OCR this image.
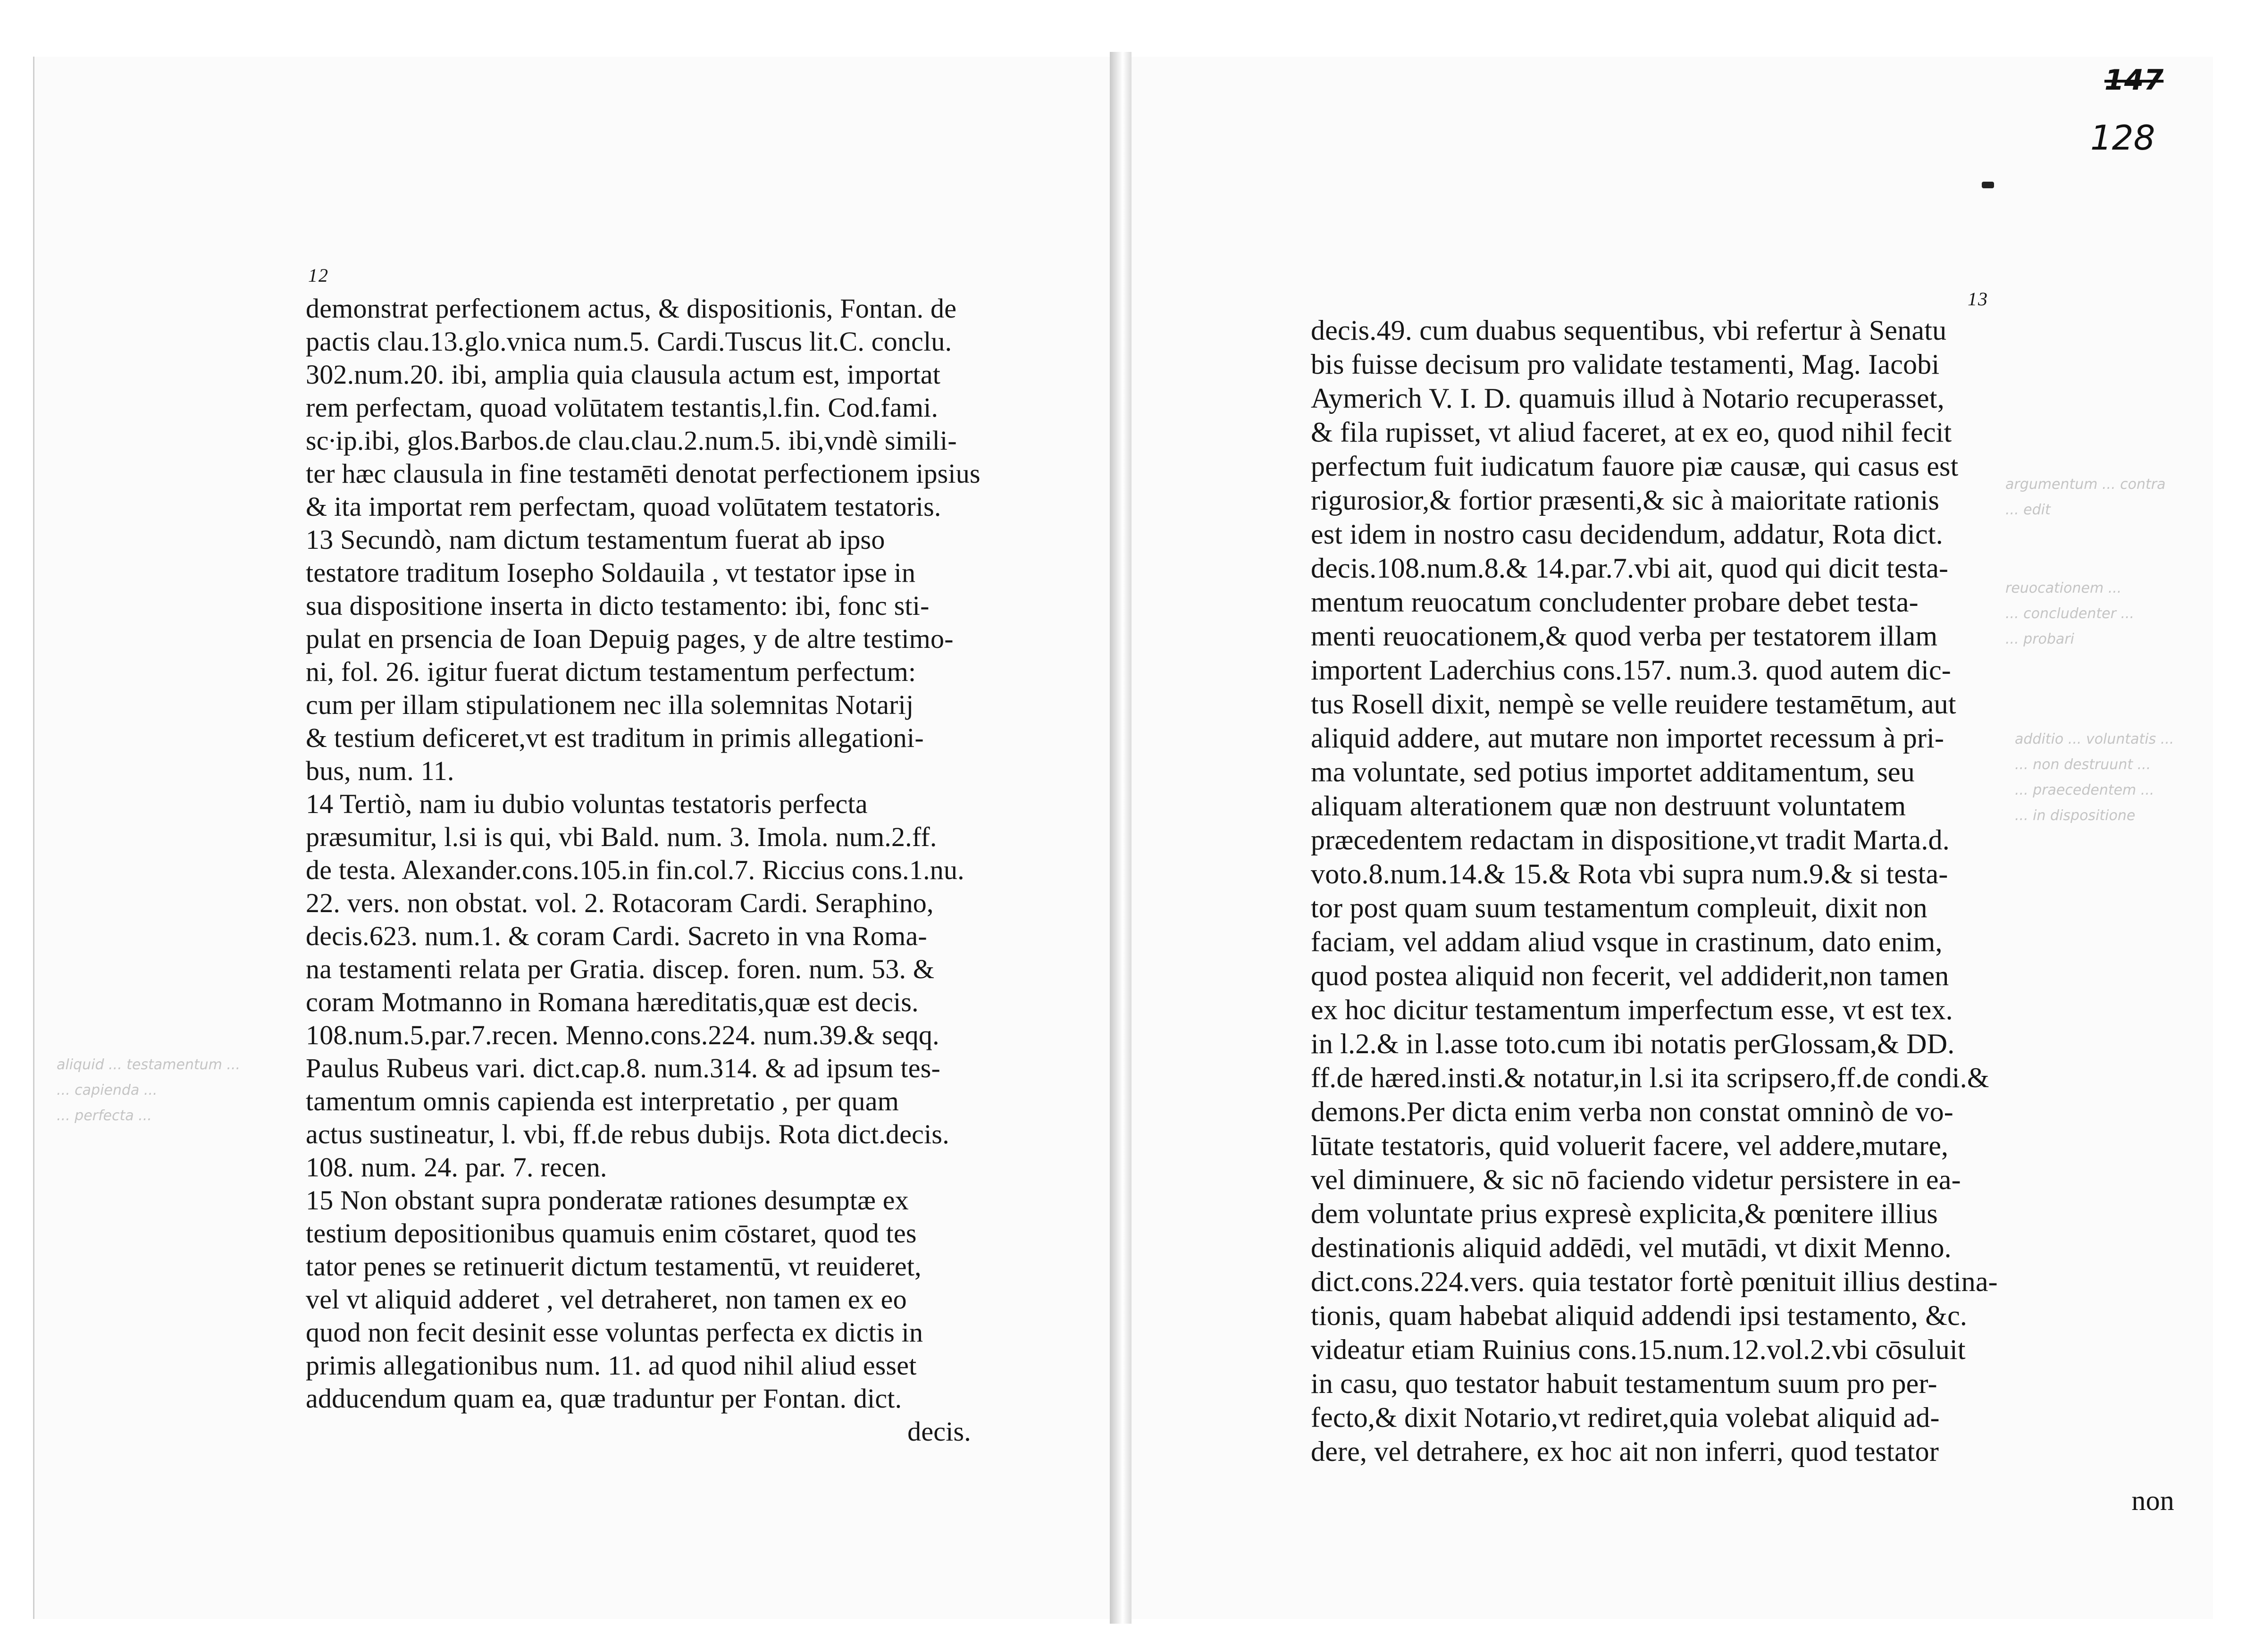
12
demonstrat perfectionem actus, & dispositionis, Fontan. de
pactis clau.13.glo.vnica num.5. Cardi.Tuscus lit.C. conclu.
302.num.20. ibi, amplia quia clausula actum est, importat
rem perfectam, quoad volūtatem testantis,l.fin. Cod.fami.
sc∙ip.ibi, glos.Barbos.de clau.clau.2.num.5. ibi,vndè simili-
ter hæc clausula in fine testamēti denotat perfectionem ipsius
& ita importat rem perfectam, quoad volūtatem testatoris.
13 Secundò, nam dictum testamentum fuerat ab ipso
testatore traditum Iosepho Soldauila , vt testator ipse in
sua dispositione inserta in dicto testamento: ibi, fonc sti-
pulat en prsencia de Ioan Depuig pages, y de altre testimo-
ni, fol. 26. igitur fuerat dictum testamentum perfectum:
cum per illam stipulationem nec illa solemnitas Notarij
& testium deficeret,vt est traditum in primis allegationi-
bus, num. 11.
14 Tertiò, nam iu dubio voluntas testatoris perfecta
præsumitur, l.si is qui, vbi Bald. num. 3. Imola. num.2.ff.
de testa. Alexander.cons.105.in fin.col.7. Riccius cons.1.nu.
22. vers. non obstat. vol. 2. Rotacoram Cardi. Seraphino,
decis.623. num.1. & coram Cardi. Sacreto in vna Roma-
na testamenti relata per Gratia. discep. foren. num. 53. &
coram Motmanno in Romana hæreditatis,quæ est decis.
108.num.5.par.7.recen. Menno.cons.224. num.39.& seqq.
Paulus Rubeus vari. dict.cap.8. num.314. & ad ipsum tes-
tamentum omnis capienda est interpretatio , per quam
actus sustineatur, l. vbi, ff.de rebus dubijs. Rota dict.decis.
108. num. 24. par. 7. recen.
15 Non obstant supra ponderatæ rationes desumptæ ex
testium depositionibus quamuis enim cōstaret, quod tes
tator penes se retinuerit dictum testamentū, vt reuideret,
vel vt aliquid adderet , vel detraheret, non tamen ex eo
quod non fecit desinit esse voluntas perfecta ex dictis in
primis allegationibus num. 11. ad quod nihil aliud esset
adducendum quam ea, quæ traduntur per Fontan. dict.
decis.
13
decis.49. cum duabus sequentibus, vbi refertur à Senatu
bis fuisse decisum pro validate testamenti, Mag. Iacobi
Aymerich V. I. D. quamuis illud à Notario recuperasset,
& fila rupisset, vt aliud faceret, at ex eo, quod nihil fecit
perfectum fuit iudicatum fauore piæ causæ, qui casus est
rigurosior,& fortior præsenti,& sic à maioritate rationis
est idem in nostro casu decidendum, addatur, Rota dict.
decis.108.num.8.& 14.par.7.vbi ait, quod qui dicit testa-
mentum reuocatum concludenter probare debet testa-
menti reuocationem,& quod verba per testatorem illam
importent Laderchius cons.157. num.3. quod autem dic-
tus Rosell dixit, nempè se velle reuidere testamētum, aut
aliquid addere, aut mutare non importet recessum à pri-
ma voluntate, sed potius importet additamentum, seu
aliquam alterationem quæ non destruunt voluntatem
præcedentem redactam in dispositione,vt tradit Marta.d.
voto.8.num.14.& 15.& Rota vbi supra num.9.& si testa-
tor post quam suum testamentum compleuit, dixit non
faciam, vel addam aliud vsque in crastinum, dato enim,
quod postea aliquid non fecerit, vel addiderit,non tamen
ex hoc dicitur testamentum imperfectum esse, vt est tex.
in l.2.& in l.asse toto.cum ibi notatis perGlossam,& DD.
ff.de hæred.insti.& notatur,in l.si ita scripsero,ff.de condi.&
demons.Per dicta enim verba non constat omninò de vo-
lūtate testatoris, quid voluerit facere, vel addere,mutare,
vel diminuere, & sic nō faciendo videtur persistere in ea-
dem voluntate prius expresè explicita,& pœnitere illius
destinationis aliquid addēdi, vel mutādi, vt dixit Menno.
dict.cons.224.vers. quia testator fortè pœnituit illius destina-
tionis, quam habebat aliquid addendi ipsi testamento, &c.
videatur etiam Ruinius cons.15.num.12.vol.2.vbi cōsuluit
in casu, quo testator habuit testamentum suum pro per-
fecto,& dixit Notario,vt rediret,quia volebat aliquid ad-
dere, vel detrahere, ex hoc ait non inferri, quod testator
non
147
128
aliquid ... testamentum ...
... capienda ...
... perfecta ...
argumentum ... contra
... edit
reuocationem ...
... concludenter ...
... probari
additio ... voluntatis ...
... non destruunt ...
... praecedentem ...
... in dispositione
